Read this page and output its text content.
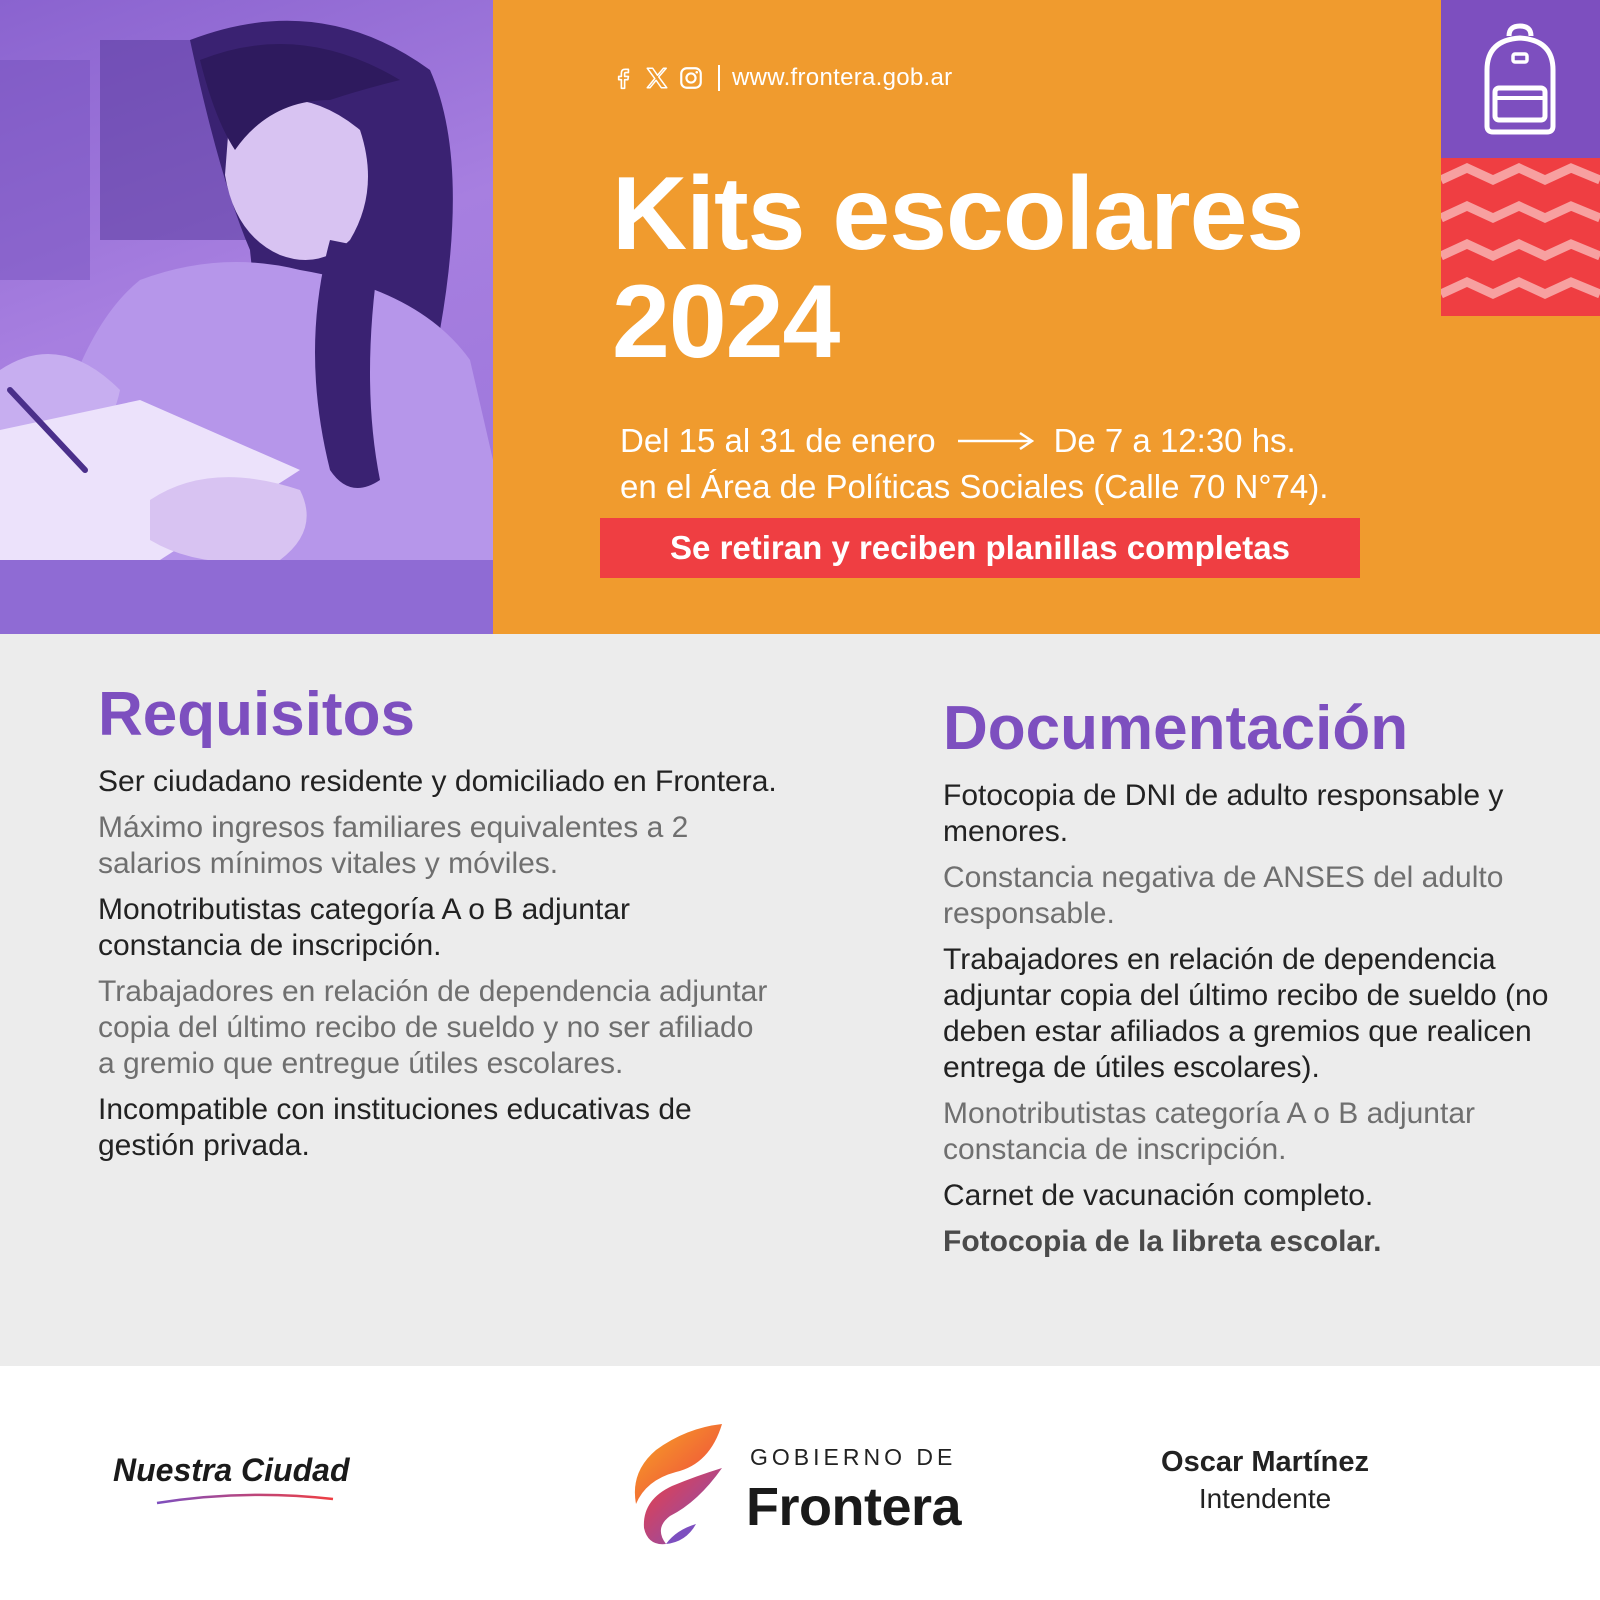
www.frontera.gob.ar
Kits escolares
2024
Del 15 al 31 de enero	De 7 a 12:30 hs.
en el Área de Políticas Sociales (Calle 70 N°74).
Se retiran y reciben planillas completas
Requisitos

Ser ciudadano residente y domiciliado en Frontera.

Máximo ingresos familiares equivalentes a 2 salarios mínimos vitales y móviles.

Monotributistas categoría A o B adjuntar constancia de inscripción.

Trabajadores en relación de dependencia adjuntar copia del último recibo de sueldo y no ser afiliado a gremio que entregue útiles escolares.

Incompatible con instituciones educativas de gestión privada.

Documentación

Fotocopia de DNI de adulto responsable y menores.

Constancia negativa de ANSES del adulto responsable.

Trabajadores en relación de dependencia adjuntar copia del último recibo de sueldo (no deben estar afiliados a gremios que realicen entrega de útiles escolares).

Monotributistas categoría A o B adjuntar constancia de inscripción.

Carnet de vacunación completo.

Fotocopia de la libreta escolar.

Nuestra Ciudad	GOBIERNO DE
Frontera
Oscar Martínez
Intendente
